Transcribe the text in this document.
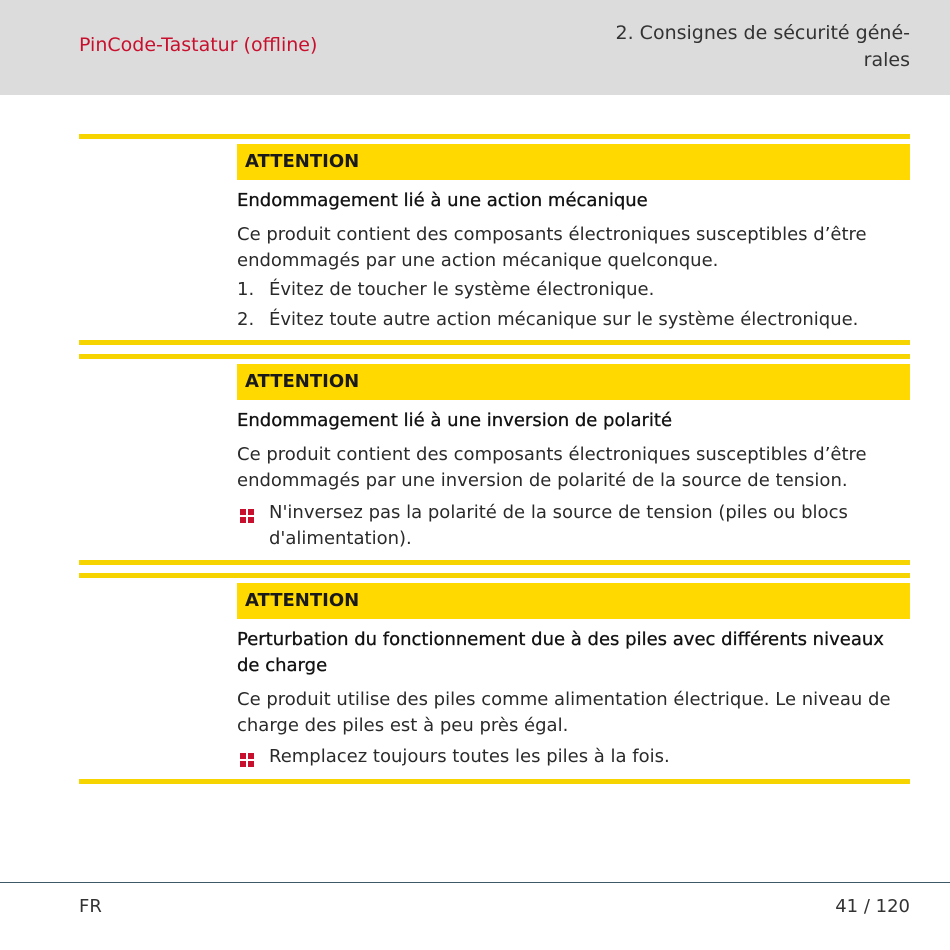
PinCode-Tastatur (offline)
2. Consignes de sécurité géné-
rales
ATTENTION
Endommagement lié à une action mécanique
Ce produit contient des composants électroniques susceptibles d’être endommagés par une action mécanique quelconque.
1. Évitez de toucher le système électronique.
2. Évitez toute autre action mécanique sur le système électronique.
ATTENTION
Endommagement lié à une inversion de polarité
Ce produit contient des composants électroniques susceptibles d’être endommagés par une inversion de polarité de la source de tension.
N'inversez pas la polarité de la source de tension (piles ou blocs d'alimentation).
ATTENTION
Perturbation du fonctionnement due à des piles avec différents niveaux de charge
Ce produit utilise des piles comme alimentation électrique. Le niveau de charge des piles est à peu près égal.
Remplacez toujours toutes les piles à la fois.
FR	41 / 120
